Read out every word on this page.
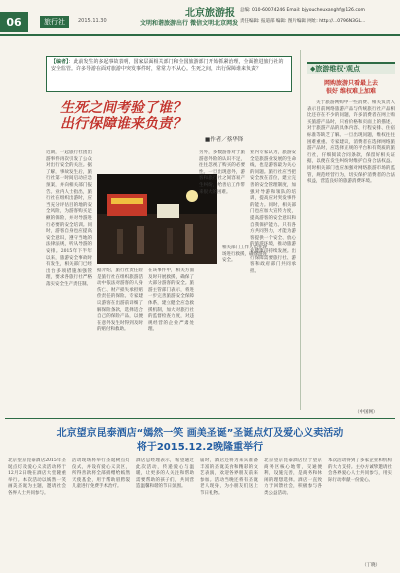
06	旅行社	2015.11.30
北京旅游报
文明和谐旅游出行 微信文明北京网发
总编: 010-60074246 Email: bjyoucheuxanghf@126.com
责任编辑: 报道部 编辑: 图片编辑 网址: http://...0796N3GL...
【编者】：此前发生的多起事故表明，国家层面相关部门和全国旅游部门开始抓紧治理，全面推进旅行社的安全监管。许多导游在面对旅游中突发事件时，常常力不从心。生死之间，出行保障谁来负责？
生死之间考验了谁？
出行保障谁来负责？
■作者／蔡华锋
相关部门工作人员在现场进行救援，确保游客安全。
近期，一起旅行社团出游事件再次引发了公众对出行安全的关注。据了解，事故发生后，旅行社第一时间启动应急预案，并向相关部门报告。业内人士指出，旅行社在组织出游时，应当充分评估目的地的安全风险，为游客购买足额的保险，并对导游进行必要的安全培训。同时，游客自身也应提高安全意识，遵守当地的法律法规，听从导游的安排。2015年下半年以来，旅游安全事故时有发生，相关部门已经出台多项措施加强管理，要求各旅行社严格落实安全生产责任制。
据介绍，旅行社责任险是旅行社在组织旅游活动中依法对游客的人身伤亡、财产损失承担赔偿责任的保险。专家建议游客在出游前详细了解保险条款，选择适合自己的保险产品，以便在意外发生时得到及时的赔付和救助。
在该事件中，相关方面及时开展救援，确保了大部分游客的安全。旅游主管部门表示，将进一步完善旅游安全保障体系，建立健全应急救援机制，加大对旅行社的监督检查力度，对违规经营的企业严肃处理。
另外，多数游客对于旅游意外险的认识不足，往往忽视了购买的必要性。一旦出现意外，游客和旅行社之间容易产生纠纷，给善后工作带来很大的困难。
业内专家认为，旅游安全是旅游业发展的生命线，也是游客最为关心的问题。旅行社应当把安全放在首位，建立完善的安全管理制度，加强对导游和领队的培训，提高应对突发事件的能力。同时，相关部门也应加大宣传力度，提高游客的安全意识和自我保护能力。只有各方共同努力，才能为游客提供一个安全、放心的旅游环境，推动旅游业健康可持续发展。出行保障需要旅行社、游客和政府部门共同承担。
◆旅游维权·观点
网购旅游只看最上去
很好 维权难上加难
关于旅游网购中一些消费、相关负责人表示目前网络旅游产品与传统旅行社产品相比还存在不少的问题，许多消费者在网上购买旅游产品时，只看价格和页面上的描述，对于旅游产品的具体内容、行程安排、住宿标准等缺乏了解。一旦出现问题，维权往往困难重重。专家建议，消费者在选择网络旅游产品时，应选择正规的平台和有资质的旅行社，仔细阅读合同条款，保留好相关证据，以便在发生纠纷时维护自身合法权益。同时相关部门也应加强对网络旅游市场的监管，规范经营行为，切实保护消费者的合法权益，营造良好的旅游消费环境。
（中国网）
北京望京昆泰酒店“嫣然一笑 画美圣诞”圣诞点灯及爱心义卖活动
将于2015.12.2晚隆重举行
北京望京昆泰酒店2015年圣诞点灯及爱心义卖活动将于12月2日晚在酒店大堂隆重举行。本次活动以嫣然一笑 画美圣诞为主题，邀请社会各界人士共同参与。
活动现场将举行圣诞树点灯仪式，并设有爱心义卖区，所得善款将全部捐赠给嫣然天使基金，用于帮助唇腭裂儿童进行免费手术治疗。
酒店总经理表示，希望通过此次活动，传递爱心与温暖，让更多的人关注和帮助需要帮助的孩子们，共同营造温馨和谐的节日氛围。
届时，酒店还将为来宾准备丰富的圣诞美食和精彩的文艺表演，欢迎各界朋友前来参加。活动当晚还将有圣诞老人现身，为小朋友们送上节日礼物。
北京望京昆泰酒店位于望京商务区核心地带，交通便利，设施完善，是商务和休闲的理想选择。酒店一直致力于回馈社会，积极参与各类公益活动。
本次活动得到了多家企业和机构的大力支持。主办方诚挚邀请社会各界爱心人士共同参与，用实际行动奉献一份爱心。
（丁晓）
